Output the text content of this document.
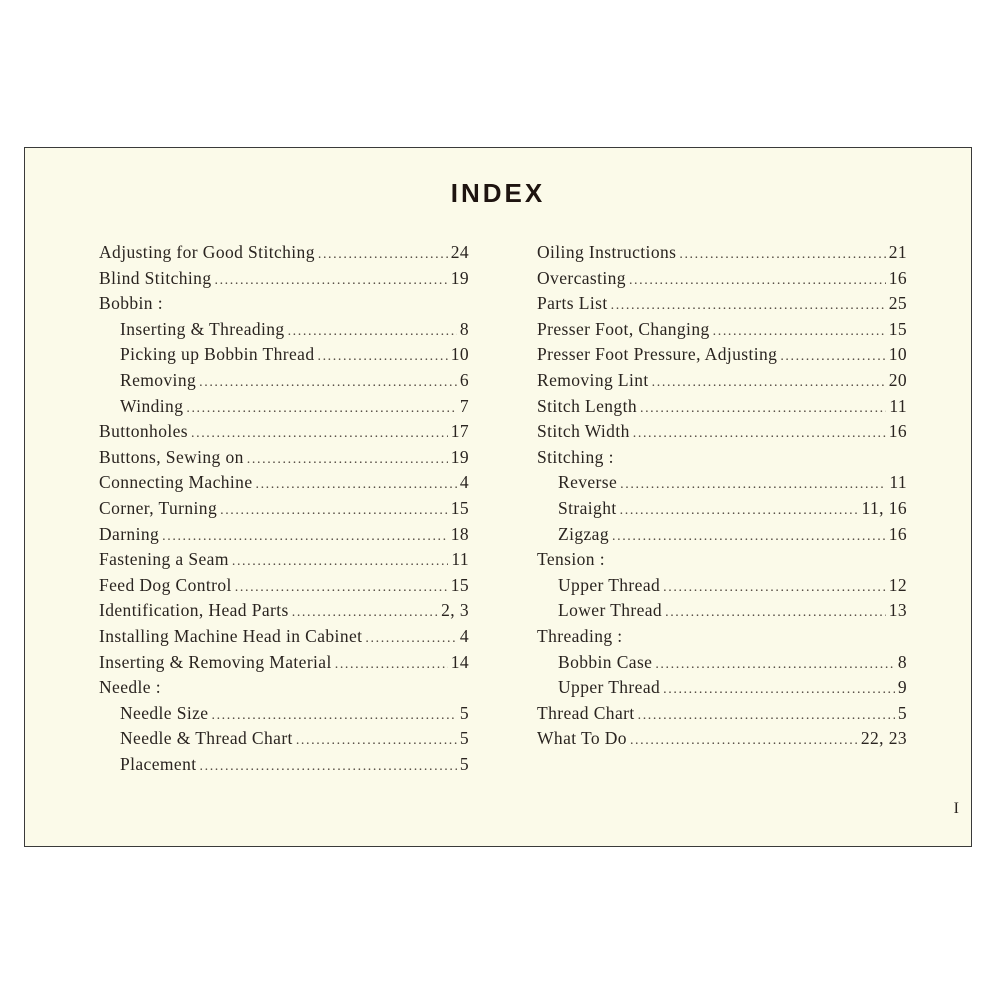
INDEX
Adjusting for Good Stitching .....	24
Blind Stitching .....	19
Bobbin :
Inserting & Threading .....	8
Picking up Bobbin Thread .....	10
Removing .....	6
Winding .....	7
Buttonholes .....	17
Buttons, Sewing on .....	19
Connecting Machine .....	4
Corner, Turning .....	15
Darning .....	18
Fastening a Seam .....	11
Feed Dog Control .....	15
Identification, Head Parts .....	2, 3
Installing Machine Head in Cabinet .....	4
Inserting & Removing Material .....	14
Needle :
Needle Size .....	5
Needle & Thread Chart .....	5
Placement .....	5
Oiling Instructions .....	21
Overcasting .....	16
Parts List .....	25
Presser Foot, Changing .....	15
Presser Foot Pressure, Adjusting .....	10
Removing Lint .....	20
Stitch Length .....	11
Stitch Width .....	16
Stitching :
Reverse .....	11
Straight .....	11, 16
Zigzag .....	16
Tension :
Upper Thread .....	12
Lower Thread .....	13
Threading :
Bobbin Case .....	8
Upper Thread .....	9
Thread Chart .....	5
What To Do .....	22, 23
I
